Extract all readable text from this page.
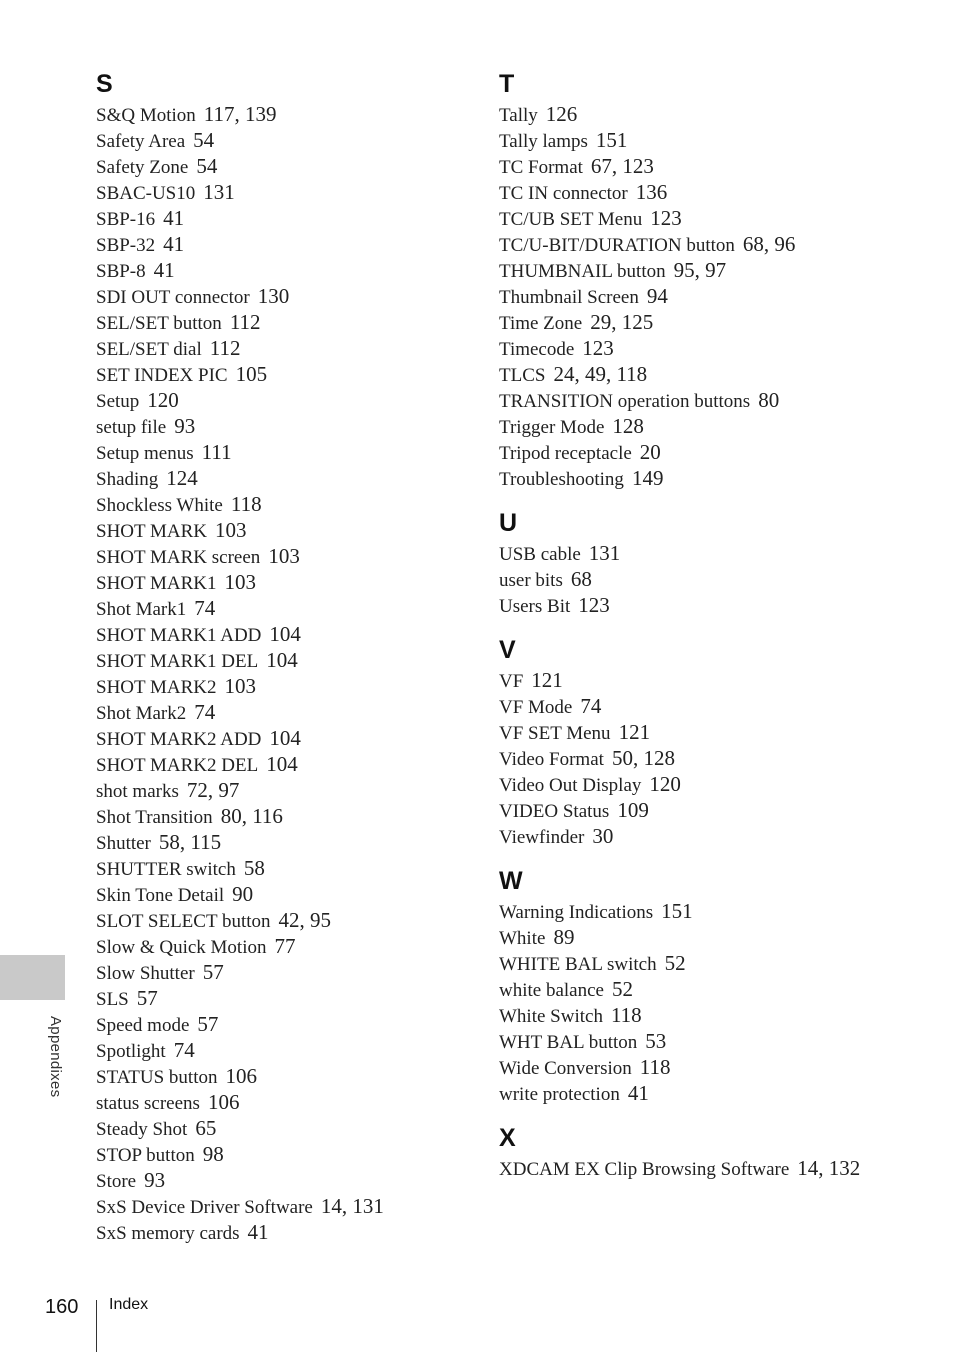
S
S&Q Motion 117, 139
Safety Area 54
Safety Zone 54
SBAC-US10 131
SBP-16 41
SBP-32 41
SBP-8 41
SDI OUT connector 130
SEL/SET button 112
SEL/SET dial 112
SET INDEX PIC 105
Setup 120
setup file 93
Setup menus 111
Shading 124
Shockless White 118
SHOT MARK 103
SHOT MARK screen 103
SHOT MARK1 103
Shot Mark1 74
SHOT MARK1 ADD 104
SHOT MARK1 DEL 104
SHOT MARK2 103
Shot Mark2 74
SHOT MARK2 ADD 104
SHOT MARK2 DEL 104
shot marks 72, 97
Shot Transition 80, 116
Shutter 58, 115
SHUTTER switch 58
Skin Tone Detail 90
SLOT SELECT button 42, 95
Slow & Quick Motion 77
Slow Shutter 57
SLS 57
Speed mode 57
Spotlight 74
STATUS button 106
status screens 106
Steady Shot 65
STOP button 98
Store 93
SxS Device Driver Software 14, 131
SxS memory cards 41
T
Tally 126
Tally lamps 151
TC Format 67, 123
TC IN connector 136
TC/UB SET Menu 123
TC/U-BIT/DURATION button 68, 96
THUMBNAIL button 95, 97
Thumbnail Screen 94
Time Zone 29, 125
Timecode 123
TLCS 24, 49, 118
TRANSITION operation buttons 80
Trigger Mode 128
Tripod receptacle 20
Troubleshooting 149
U
USB cable 131
user bits 68
Users Bit 123
V
VF 121
VF Mode 74
VF SET Menu 121
Video Format 50, 128
Video Out Display 120
VIDEO Status 109
Viewfinder 30
W
Warning Indications 151
White 89
WHITE BAL switch 52
white balance 52
White Switch 118
WHT BAL button 53
Wide Conversion 118
write protection 41
X
XDCAM EX Clip Browsing Software 14, 132
Appendixes
160 Index
